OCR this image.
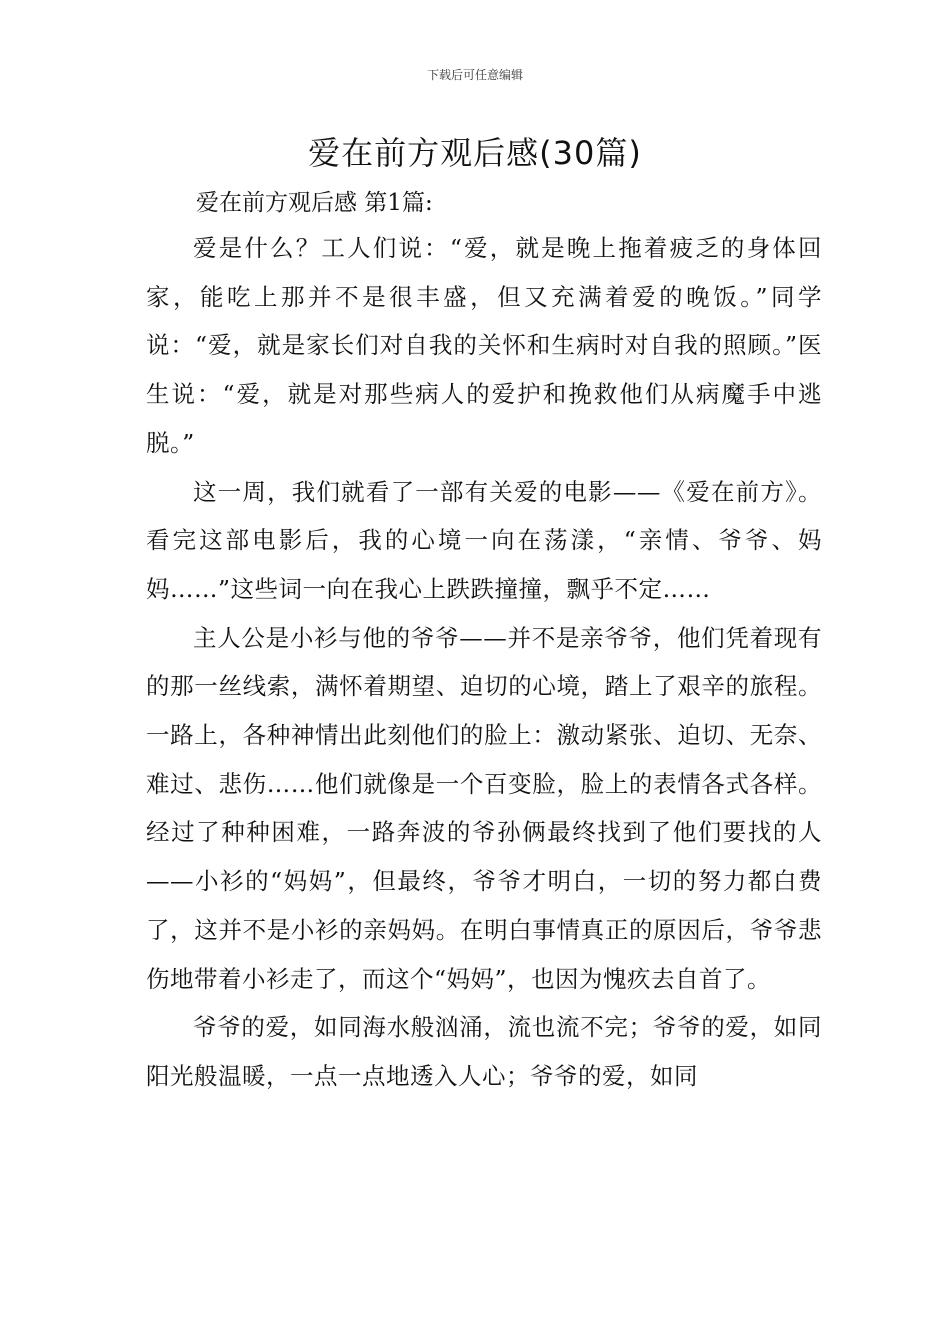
下载后可任意编辑
爱在前方观后感(30篇)
爱在前方观后感 第1篇:

爱是什么？工人们说：“爱，就是晚上拖着疲乏的身体回家，能吃上那并不是很丰盛，但又充满着爱的晚饭。”同学说：“爱，就是家长们对自我的关怀和生病时对自我的照顾。”医生说：“爱，就是对那些病人的爱护和挽救他们从病魔手中逃脱。”

这一周，我们就看了一部有关爱的电影——《爱在前方》。看完这部电影后，我的心境一向在荡漾，“亲情、爷爷、妈妈……”这些词一向在我心上跌跌撞撞，飘乎不定……

主人公是小衫与他的爷爷——并不是亲爷爷，他们凭着现有的那一丝线索，满怀着期望、迫切的心境，踏上了艰辛的旅程。一路上，各种神情出此刻他们的脸上：激动紧张、迫切、无奈、难过、悲伤……他们就像是一个百变脸，脸上的表情各式各样。经过了种种困难，一路奔波的爷孙俩最终找到了他们要找的人——小衫的“妈妈”，但最终，爷爷才明白，一切的努力都白费了，这并不是小衫的亲妈妈。在明白事情真正的原因后，爷爷悲伤地带着小衫走了，而这个“妈妈”，也因为愧疚去自首了。

爷爷的爱，如同海水般汹涌，流也流不完；爷爷的爱，如同阳光般温暖，一点一点地透入人心；爷爷的爱，如同
